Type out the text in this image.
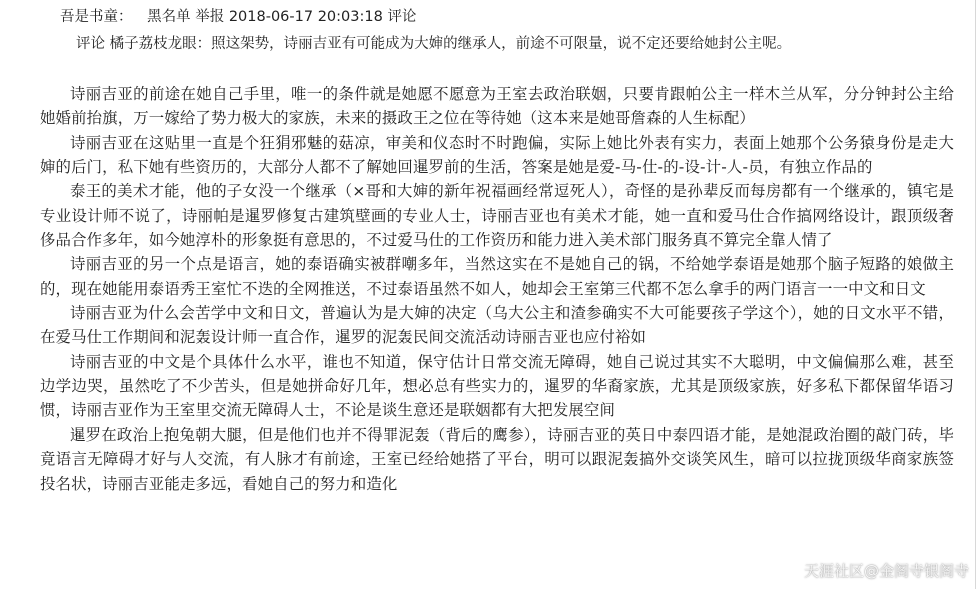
吾是书童： 黑名单 举报 2018-06-17 20:03:18 评论
评论 橘子荔枝龙眼：照这架势，诗丽吉亚有可能成为大婶的继承人，前途不可限量，说不定还要给她封公主呢。

诗丽吉亚的前途在她自己手里，唯一的条件就是她愿不愿意为王室去政治联姻，只要肯跟帕公主一样木兰从军，分分钟封公主给她婚前抬旗，万一嫁给了势力极大的家族，未来的摄政王之位在等待她（这本来是她哥詹森的人生标配）

诗丽吉亚在这贴里一直是个狂狷邪魅的菇凉，审美和仪态时不时跑偏，实际上她比外表有实力，表面上她那个公务猿身份是走大婶的后门，私下她有些资历的，大部分人都不了解她回暹罗前的生活，答案是她是爱-马-仕-的-设-计-人-员，有独立作品的

泰王的美术才能，他的子女没一个继承（×哥和大婶的新年祝福画经常逗死人），奇怪的是孙辈反而每房都有一个继承的，镇宅是专业设计师不说了，诗丽帕是暹罗修复古建筑壁画的专业人士，诗丽吉亚也有美术才能，她一直和爱马仕合作搞网络设计，跟顶级奢侈品合作多年，如今她淳朴的形象挺有意思的，不过爱马仕的工作资历和能力进入美术部门服务真不算完全靠人情了

诗丽吉亚的另一个点是语言，她的泰语确实被群嘲多年，当然这实在不是她自己的锅，不给她学泰语是她那个脑子短路的娘做主的，现在她能用泰语秀王室忙不迭的全网推送，不过泰语虽然不如人，她却会王室第三代都不怎么拿手的两门语言一一中文和日文

诗丽吉亚为什么会苦学中文和日文，普遍认为是大婶的决定（乌大公主和渣参确实不大可能要孩子学这个），她的日文水平不错，在爱马仕工作期间和泥轰设计师一直合作，暹罗的泥轰民间交流活动诗丽吉亚也应付裕如

诗丽吉亚的中文是个具体什么水平，谁也不知道，保守估计日常交流无障碍，她自己说过其实不大聪明，中文偏偏那么难，甚至边学边哭，虽然吃了不少苦头，但是她拼命好几年，想必总有些实力的，暹罗的华裔家族，尤其是顶级家族，好多私下都保留华语习惯，诗丽吉亚作为王室里交流无障碍人士，不论是谈生意还是联姻都有大把发展空间

暹罗在政治上抱兔朝大腿，但是他们也并不得罪泥轰（背后的鹰参），诗丽吉亚的英日中泰四语才能，是她混政治圈的敲门砖，毕竟语言无障碍才好与人交流，有人脉才有前途，王室已经给她搭了平台，明可以跟泥轰搞外交谈笑风生，暗可以拉拢顶级华商家族签投名状，诗丽吉亚能走多远，看她自己的努力和造化

天涯社区@金阁寺银阁寺
